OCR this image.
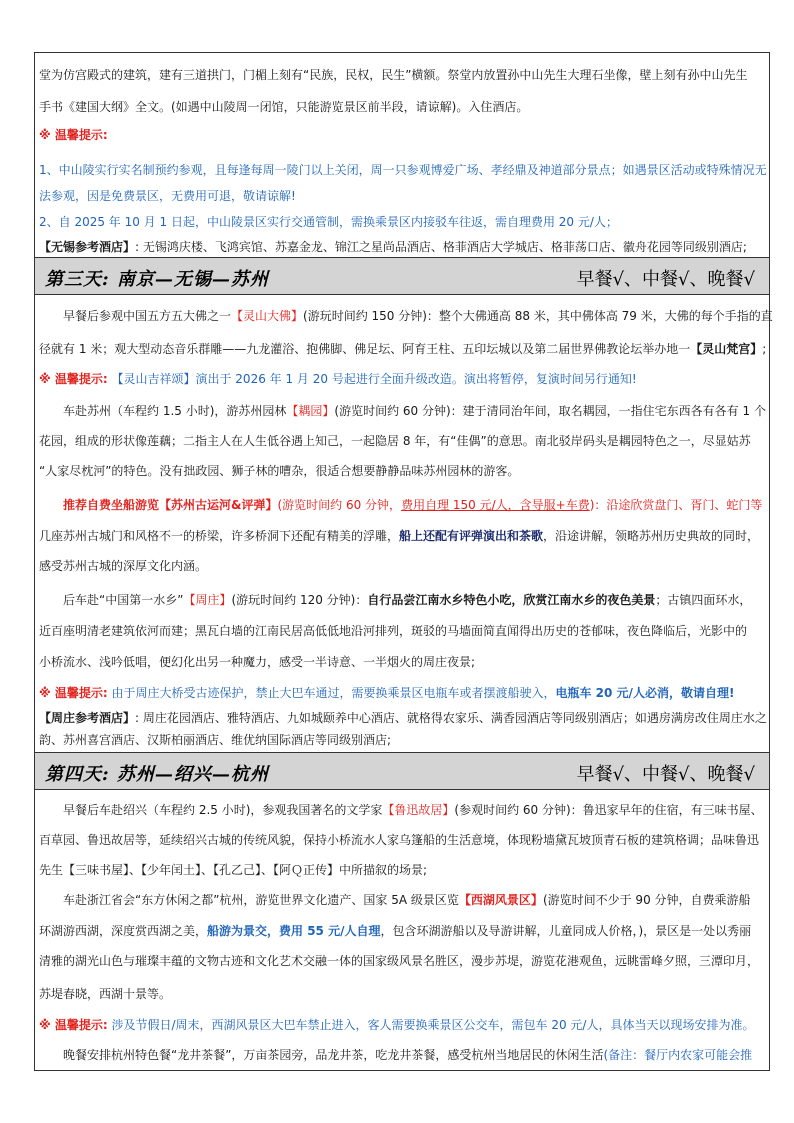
堂为仿宫殿式的建筑，建有三道拱门，门楣上刻有“民族，民权，民生”横额。祭堂内放置孙中山先生大理石坐像，壁上刻有孙中山先生
手书《建国大纲》全文。(如遇中山陵周一闭馆，只能游览景区前半段，请谅解)。入住酒店。
※ 温馨提示:
1、中山陵实行实名制预约参观，且每逢每周一陵门以上关闭，周一只参观博爱广场、孝经鼎及神道部分景点；如遇景区活动或特殊情况无
法参观，因是免费景区，无费用可退，敬请谅解!
2、自 2025 年 10 月 1 日起，中山陵景区实行交通管制，需换乘景区内接驳车往返，需自理费用 20 元/人；
【无锡参考酒店】: 无锡鸿庆楼、飞鸿宾馆、苏嘉金龙、锦江之星尚品酒店、格菲酒店大学城店、格菲荡口店、徽舟花园等同级别酒店;
第三天: 南京—无锡—苏州	早餐√、中餐√、晚餐√
早餐后参观中国五方五大佛之一【灵山大佛】(游玩时间约 150 分钟)：整个大佛通高 88 米，其中佛体高 79 米，大佛的每个手指的直
径就有 1 米；观大型动态音乐群雕——九龙灌浴、抱佛脚、佛足坛、阿育王柱、五印坛城以及第二届世界佛教论坛举办地一【灵山梵宫】;
※ 温馨提示: 【灵山吉祥颂】演出于 2026 年 1 月 20 号起进行全面升级改造。演出将暂停，复演时间另行通知!
车赴苏州（车程约 1.5 小时)，游苏州园林【耦园】(游览时间约 60 分钟)：建于清同治年间，取名耦园，一指住宅东西各有各有 1 个
花园，组成的形状像莲藕；二指主人在人生低谷遇上知己，一起隐居 8 年，有“佳偶”的意思。南北驳岸码头是耦园特色之一，尽显姑苏
“人家尽枕河”的特色。没有拙政园、狮子林的嘈杂，很适合想要静静品味苏州园林的游客。
推荐自费坐船游览【苏州古运河&评弹】(游览时间约 60 分钟，费用自理 150 元/人，含导服+车费)：沿途欣赏盘门、胥门、蛇门等
几座苏州古城门和风格不一的桥梁，许多桥洞下还配有精美的浮雕，船上还配有评弹演出和茶歌，沿途讲解，领略苏州历史典故的同时，
感受苏州古城的深厚文化内涵。
后车赴“中国第一水乡”【周庄】(游玩时间约 120 分钟)：自行品尝江南水乡特色小吃，欣赏江南水乡的夜色美景；古镇四面环水，
近百座明清老建筑依河而建；黑瓦白墙的江南民居高低低地沿河排列，斑驳的马墙面简直闻得出历史的苍郁味，夜色降临后，光影中的
小桥流水、浅吟低唱，便幻化出另一种魔力，感受一半诗意、一半烟火的周庄夜景;
※ 温馨提示: 由于周庄大桥受古迹保护，禁止大巴车通过，需要换乘景区电瓶车或者摆渡船驶入，电瓶车 20 元/人必消，敬请自理!
【周庄参考酒店】: 周庄花园酒店、雅特酒店、九如城颐养中心酒店、就格得农家乐、满香园酒店等同级别酒店；如遇房满房改住周庄水之
韵、苏州喜宫酒店、汉斯柏丽酒店、维优纳国际酒店等同级别酒店;
第四天: 苏州—绍兴—杭州	早餐√、中餐√、晚餐√
早餐后车赴绍兴（车程约 2.5 小时)，参观我国著名的文学家【鲁迅故居】(参观时间约 60 分钟)：鲁迅家早年的住宿，有三味书屋、
百草园、鲁迅故居等，延续绍兴古城的传统风貌，保持小桥流水人家乌篷船的生活意境，体现粉墙黛瓦坡顶青石板的建筑格调；品味鲁迅
先生【三味书屋】、【少年闰土】、【孔乙己】、【阿Ｑ正传】中所描叙的场景;
车赴浙江省会“东方休闲之都”杭州，游览世界文化遗产、国家 5A 级景区览【西湖风景区】(游览时间不少于 90 分钟，自费乘游船
环湖游西湖，深度赏西湖之美，船游为景交，费用 55 元/人自理，包含环湖游船以及导游讲解，儿童同成人价格，)，景区是一处以秀丽
清雅的湖光山色与璀璨丰蕴的文物古迹和文化艺术交融一体的国家级风景名胜区，漫步苏堤，游览花港观鱼，远眺雷峰夕照，三潭印月，
苏堤春晓，西湖十景等。
※ 温馨提示: 涉及节假日/周末，西湖风景区大巴车禁止进入，客人需要换乘景区公交车，需包车 20 元/人，具体当天以现场安排为准。
晚餐安排杭州特色餐“龙井茶餐”，万亩茶园旁，品龙井茶，吃龙井茶餐，感受杭州当地居民的休闲生活(备注：餐厅内农家可能会推
